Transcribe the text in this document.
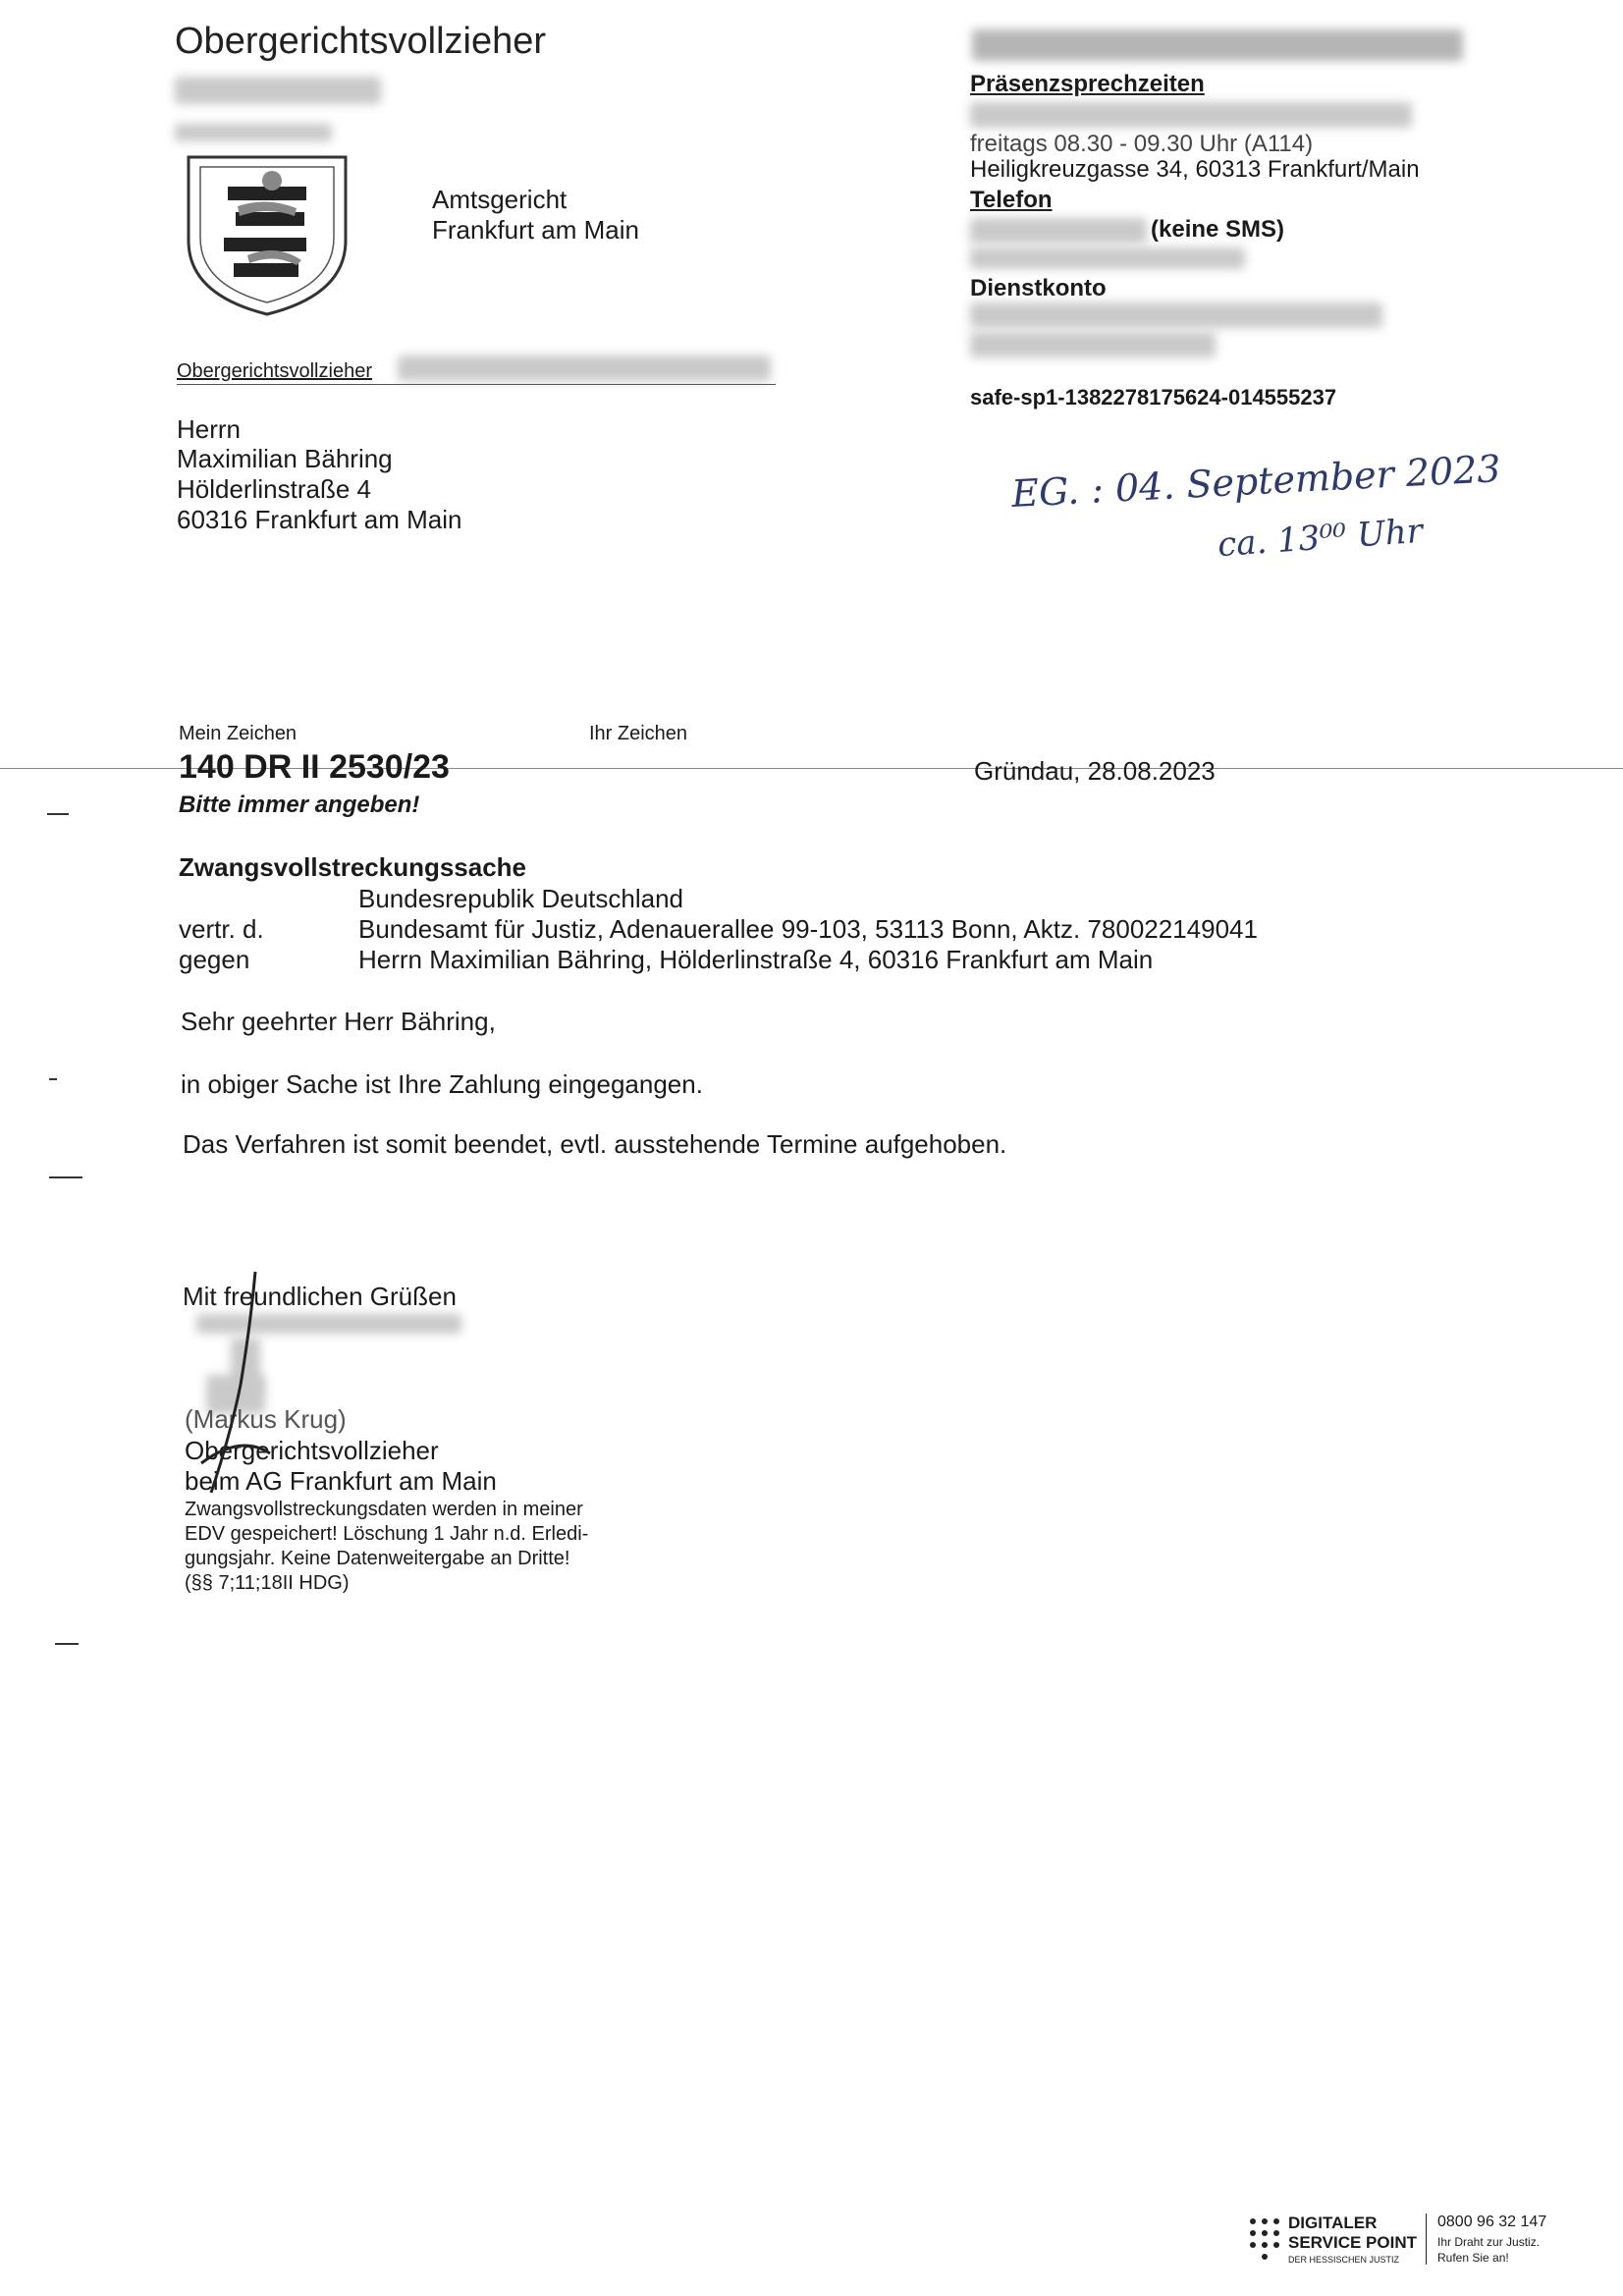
Obergerichtsvollzieher
Amtsgericht
Frankfurt am Main
Obergerichtsvollzieher
Herrn
Maximilian Bähring
Hölderlinstraße 4
60316 Frankfurt am Main
Präsenzsprechzeiten
freitags 08.30 - 09.30 Uhr (A114)
Heiligkreuzgasse 34, 60313 Frankfurt/Main
Telefon
(keine SMS)
Dienstkonto
safe-sp1-1382278175624-014555237
EG. : 04. September 2023
ca. 13⁰⁰ Uhr
Mein Zeichen	Ihr Zeichen
140 DR II 2530/23	Gründau, 28.08.2023
Bitte immer angeben!
Zwangsvollstreckungssache
Bundesrepublik Deutschland
vertr. d.	Bundesamt für Justiz, Adenauerallee 99-103, 53113 Bonn, Aktz. 780022149041
gegen	Herrn Maximilian Bähring, Hölderlinstraße 4, 60316 Frankfurt am Main
Sehr geehrter Herr Bähring,
in obiger Sache ist Ihre Zahlung eingegangen.
Das Verfahren ist somit beendet, evtl. ausstehende Termine aufgehoben.
Mit freundlichen Grüßen
(Markus Krug)
Obergerichtsvollzieher
beim AG Frankfurt am Main
Zwangsvollstreckungsdaten werden in meiner
EDV gespeichert! Löschung 1 Jahr n.d. Erledi-
gungsjahr. Keine Datenweitergabe an Dritte!
(§§ 7;11;18II HDG)
DIGITALER
SERVICE POINT
DER HESSISCHEN JUSTIZ
0800 96 32 147
Ihr Draht zur Justiz.
Rufen Sie an!
